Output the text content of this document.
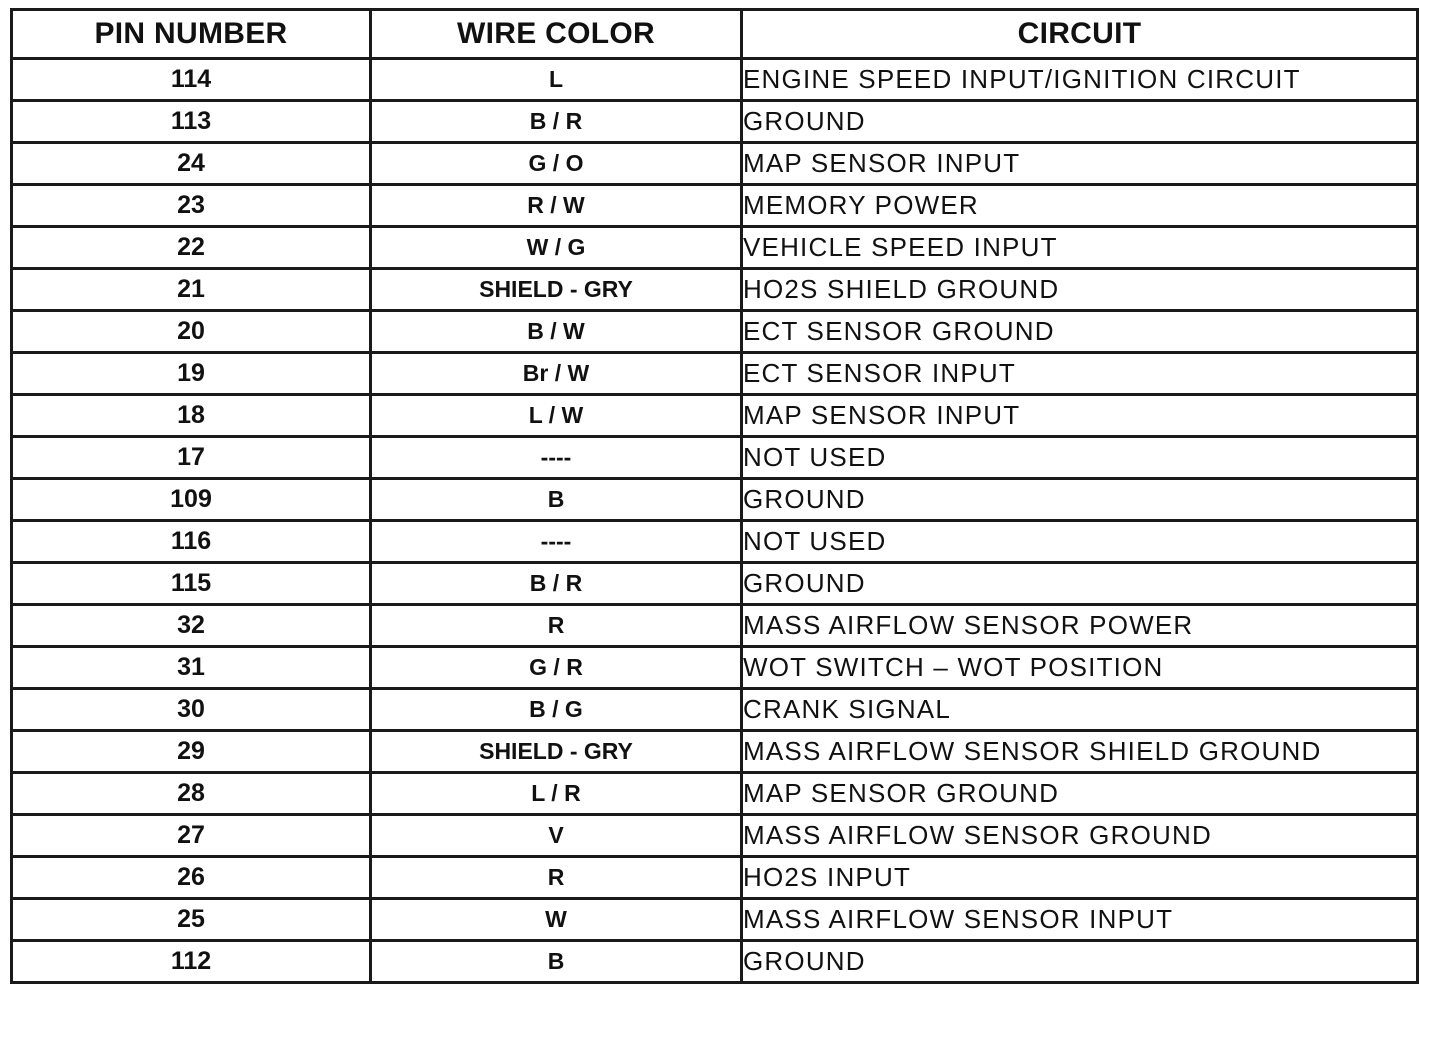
PIN NUMBER	WIRE COLOR	CIRCUIT
114	L	ENGINE SPEED INPUT/IGNITION CIRCUIT
113	B / R	GROUND
24	G / O	MAP SENSOR INPUT
23	R / W	MEMORY POWER
22	W / G	VEHICLE SPEED INPUT
21	SHIELD - GRY	HO2S SHIELD GROUND
20	B / W	ECT SENSOR GROUND
19	Br / W	ECT SENSOR INPUT
18	L / W	MAP SENSOR INPUT
17	----	NOT USED
109	B	GROUND
116	----	NOT USED
115	B / R	GROUND
32	R	MASS AIRFLOW SENSOR POWER
31	G / R	WOT SWITCH – WOT POSITION
30	B / G	CRANK SIGNAL
29	SHIELD - GRY	MASS AIRFLOW SENSOR SHIELD GROUND
28	L / R	MAP SENSOR GROUND
27	V	MASS AIRFLOW SENSOR GROUND
26	R	HO2S INPUT
25	W	MASS AIRFLOW SENSOR INPUT
112	B	GROUND
